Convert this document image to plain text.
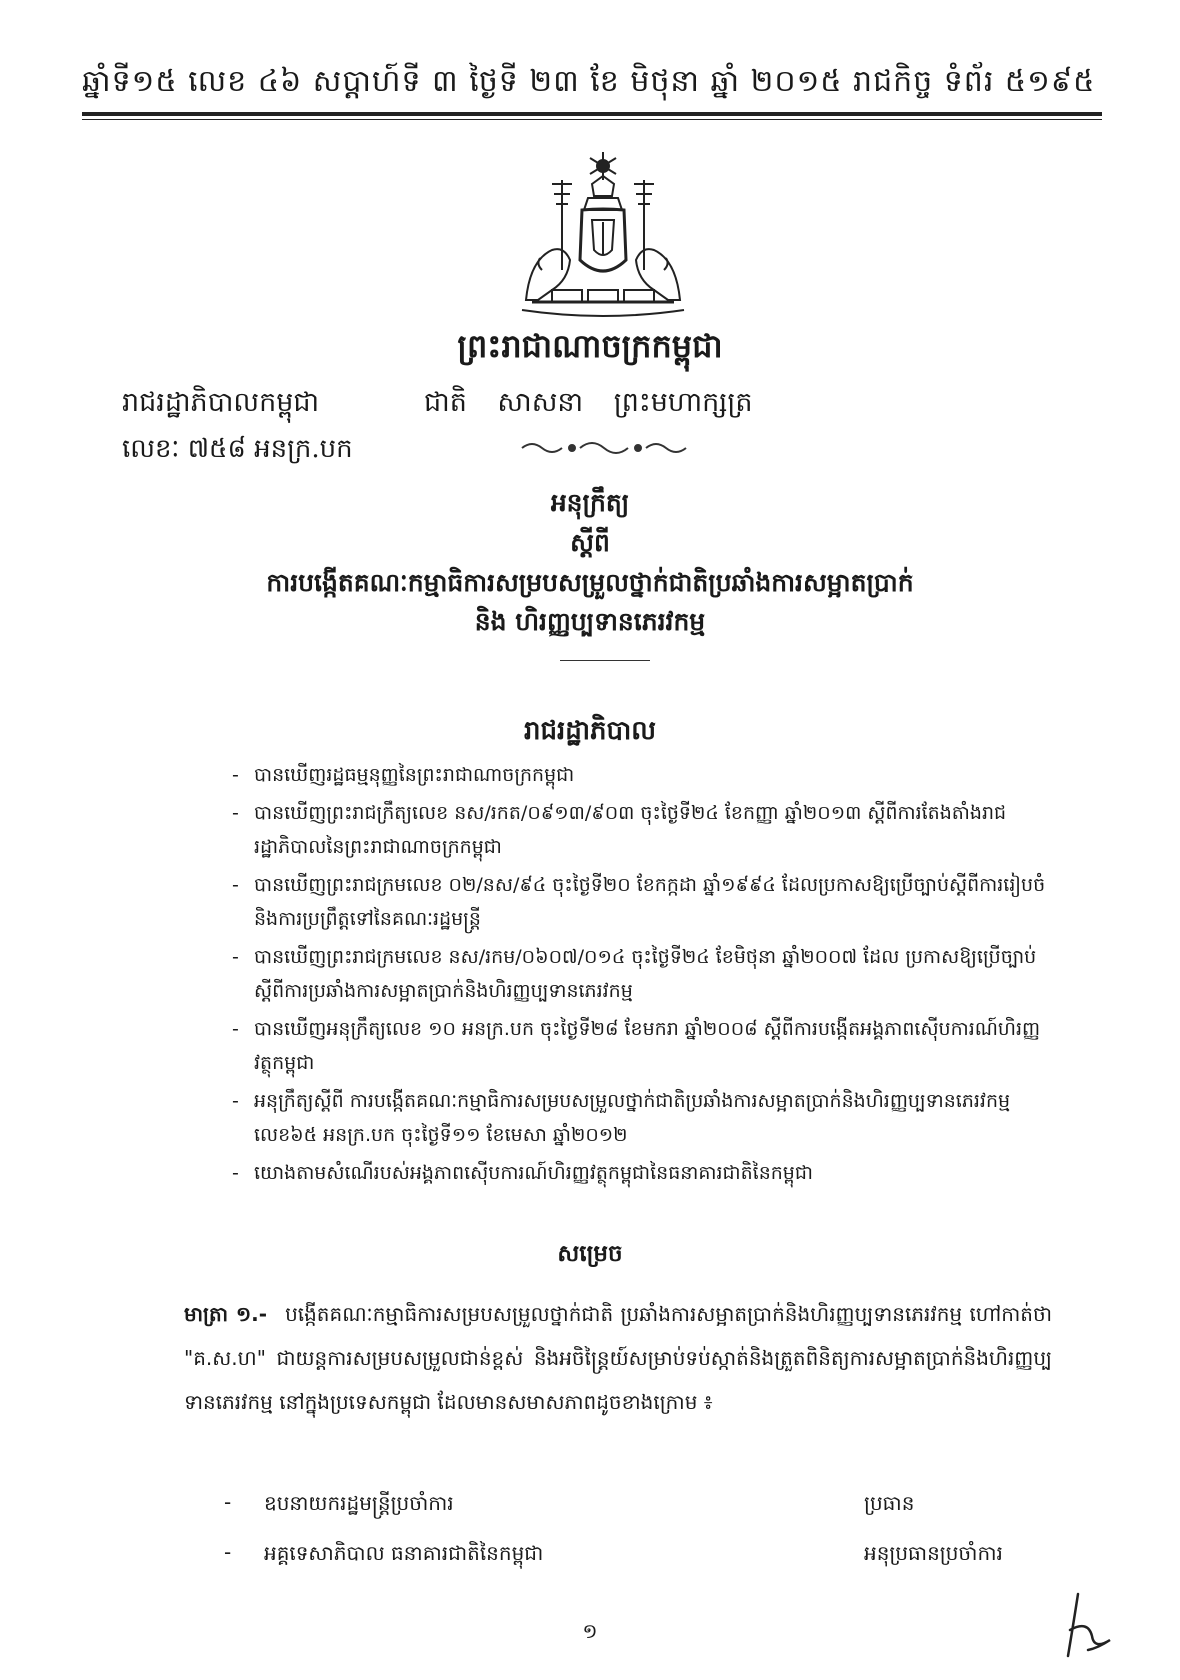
ឆ្នាំទី១៥ លេខ ៤៦ សប្តាហ៍ទី ៣ ថ្ងៃទី ២៣ ខែ មិថុនា ឆ្នាំ ២០១៥ រាជកិច្ច ទំព័រ ៥១៩៥
ព្រះរាជាណាចក្រកម្ពុជា
រាជរដ្ឋាភិបាលកម្ពុជា	ជាតិ សាសនា ព្រះមហាក្សត្រ
លេខៈ ៧៥៨ អនក្រ.បក
អនុក្រឹត្យ
ស្តីពី
ការបង្កើតគណៈកម្មាធិការសម្របសម្រួលថ្នាក់ជាតិប្រឆាំងការសម្អាតប្រាក់
និង ហិរញ្ញប្បទានភេរវកម្ម
រាជរដ្ឋាភិបាល
- បានឃើញរដ្ឋធម្មនុញ្ញនៃព្រះរាជាណាចក្រកម្ពុជា
- បានឃើញព្រះរាជក្រឹត្យលេខ នស/រកត/០៩១៣/៩០៣ ចុះថ្ងៃទី២៤ ខែកញ្ញា ឆ្នាំ២០១៣ ស្តីពីការតែងតាំងរាជរដ្ឋាភិបាលនៃព្រះរាជាណាចក្រកម្ពុជា
- បានឃើញព្រះរាជក្រមលេខ ០២/នស/៩៤ ចុះថ្ងៃទី២០ ខែកក្កដា ឆ្នាំ១៩៩៤ ដែលប្រកាសឱ្យប្រើច្បាប់ស្តីពីការរៀបចំនិងការប្រព្រឹត្តទៅនៃគណៈរដ្ឋមន្ត្រី
- បានឃើញព្រះរាជក្រមលេខ នស/រកម/០៦០៧/០១៤ ចុះថ្ងៃទី២៤ ខែមិថុនា ឆ្នាំ២០០៧ ដែល ប្រកាសឱ្យប្រើច្បាប់ស្តីពីការប្រឆាំងការសម្អាតប្រាក់និងហិរញ្ញប្បទានភេរវកម្ម
- បានឃើញអនុក្រឹត្យលេខ ១០ អនក្រ.បក ចុះថ្ងៃទី២៨ ខែមករា ឆ្នាំ២០០៨ ស្តីពីការបង្កើតអង្គភាពស៊ើបការណ៍ហិរញ្ញវត្ថុកម្ពុជា
- អនុក្រឹត្យស្តីពី ការបង្កើតគណៈកម្មាធិការសម្របសម្រួលថ្នាក់ជាតិប្រឆាំងការសម្អាតប្រាក់និងហិរញ្ញប្បទានភេរវកម្ម លេខ៦៥ អនក្រ.បក ចុះថ្ងៃទី១១ ខែមេសា ឆ្នាំ២០១២
- យោងតាមសំណើរបស់អង្គភាពស៊ើបការណ៍ហិរញ្ញវត្ថុកម្ពុជានៃធនាគារជាតិនៃកម្ពុជា
សម្រេច
មាត្រា ១.- បង្កើតគណៈកម្មាធិការសម្របសម្រួលថ្នាក់ជាតិ ប្រឆាំងការសម្អាតប្រាក់និងហិរញ្ញប្បទានភេរវកម្ម ហៅកាត់ថា "គ.ស.ហ" ជាយន្តការសម្របសម្រួលជាន់ខ្ពស់ និងអចិន្ត្រៃយ៍សម្រាប់ទប់ស្កាត់និងត្រួតពិនិត្យការសម្អាតប្រាក់និងហិរញ្ញប្បទានភេរវកម្ម នៅក្នុងប្រទេសកម្ពុជា ដែលមានសមាសភាពដូចខាងក្រោម ៖
- ឧបនាយករដ្ឋមន្ត្រីប្រចាំការ	ប្រធាន
- អគ្គទេសាភិបាល ធនាគារជាតិនៃកម្ពុជា	អនុប្រធានប្រចាំការ
១
